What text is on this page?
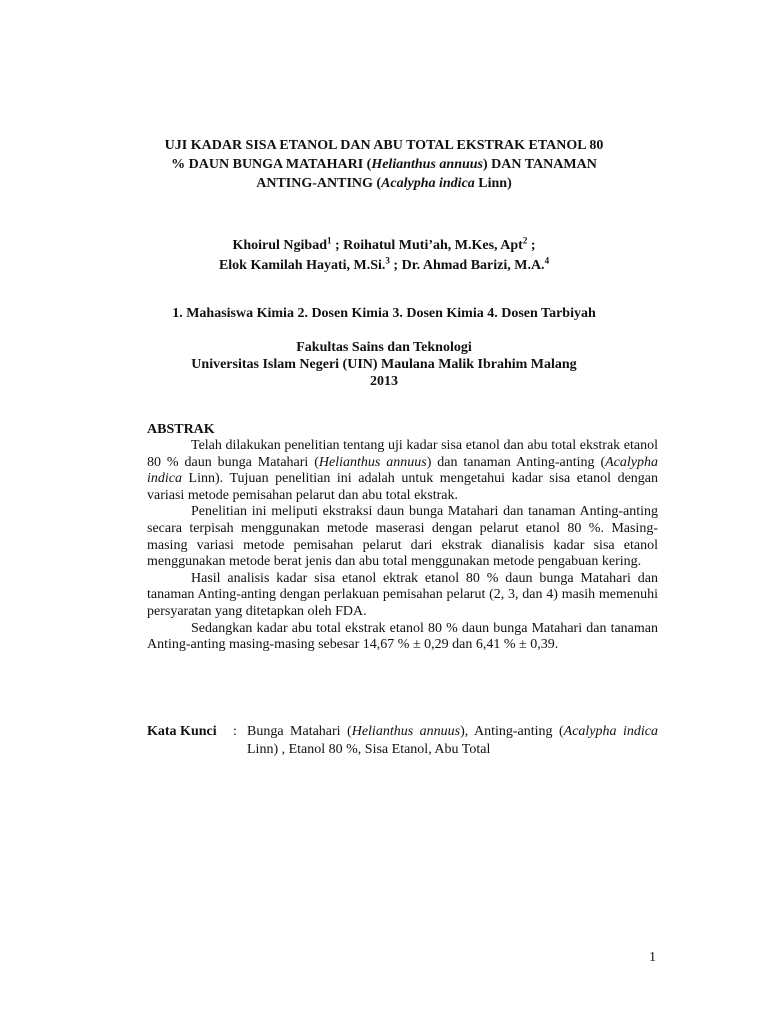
UJI KADAR SISA ETANOL DAN ABU TOTAL EKSTRAK ETANOL 80
% DAUN BUNGA MATAHARI (Helianthus annuus) DAN TANAMAN
ANTING-ANTING (Acalypha indica Linn)
Khoirul Ngibad$^1$ ; Roihatul Muti’ah, M.Kes, Apt$^2$ ;
Elok Kamilah Hayati, M.Si.$^3$ ; Dr. Ahmad Barizi, M.A.$^4$
1. Mahasiswa Kimia 2. Dosen Kimia 3. Dosen Kimia 4. Dosen Tarbiyah
Fakultas Sains dan Teknologi
Universitas Islam Negeri (UIN) Maulana Malik Ibrahim Malang
2013
ABSTRAK

Telah dilakukan penelitian tentang uji kadar sisa etanol dan abu total ekstrak etanol 80 % daun bunga Matahari (Helianthus annuus) dan tanaman Anting-anting (Acalypha indica Linn). Tujuan penelitian ini adalah untuk mengetahui kadar sisa etanol dengan variasi metode pemisahan pelarut dan abu total ekstrak.

Penelitian ini meliputi ekstraksi daun bunga Matahari dan tanaman Anting-anting secara terpisah menggunakan metode maserasi dengan pelarut etanol 80 %. Masing-masing variasi metode pemisahan pelarut dari ekstrak dianalisis kadar sisa etanol menggunakan metode berat jenis dan abu total menggunakan metode pengabuan kering.

Hasil analisis kadar sisa etanol ektrak etanol 80 % daun bunga Matahari dan tanaman Anting-anting dengan perlakuan pemisahan pelarut (2, 3, dan 4) masih memenuhi persyaratan yang ditetapkan oleh FDA.

Sedangkan kadar abu total ekstrak etanol 80 % daun bunga Matahari dan tanaman Anting-anting masing-masing sebesar 14,67 % ± 0,29 dan 6,41 % ± 0,39.

Kata Kunci	: Bunga Matahari (Helianthus annuus), Anting-anting (Acalypha indica Linn) , Etanol 80 %, Sisa Etanol, Abu Total
1
